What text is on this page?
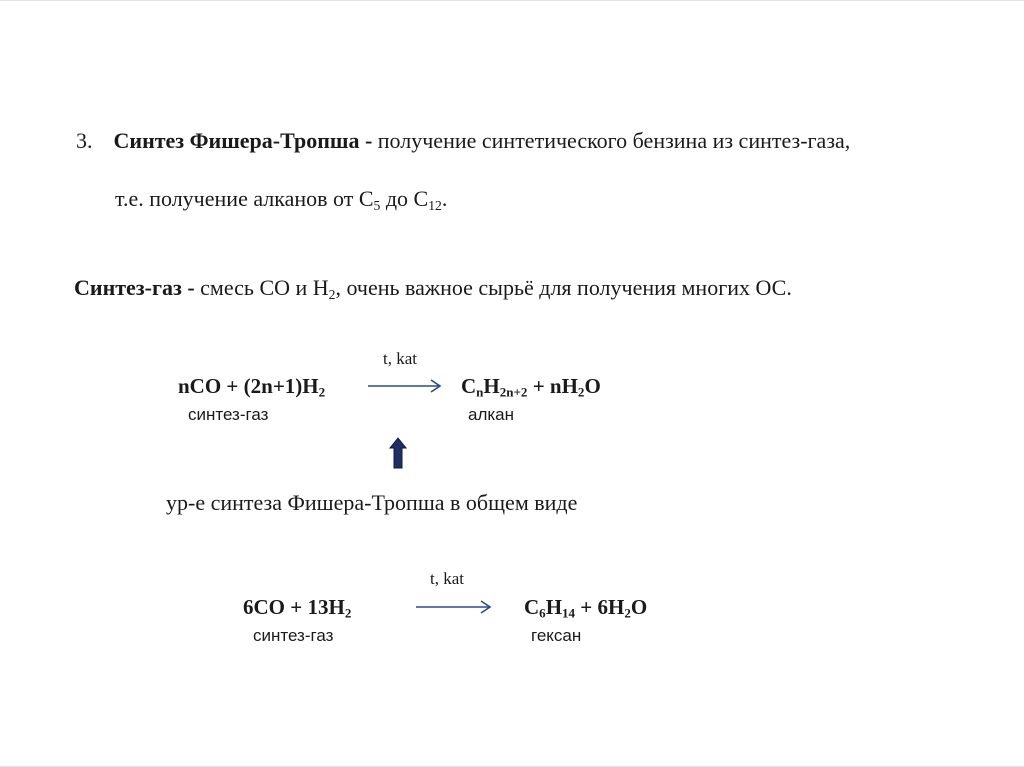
3. Синтез Фишера-Тропша - получение синтетического бензина из синтез-газа,
т.е. получение алканов от $С_5$ до $С_{12}$.
Синтез-газ - смесь СО и $Н_2$, очень важное сырьё для получения многих ОС.
t, kat
nCO + $(2n+1)H_2$	$C_nH_{2n+2} + nH_2O$
синтез-газ	алкан
ур-е синтеза Фишера-Тропша в общем виде
t, kat
$6CO + 13H_2$	$C_6H_{14} + 6H_2O$
синтез-газ	гексан
